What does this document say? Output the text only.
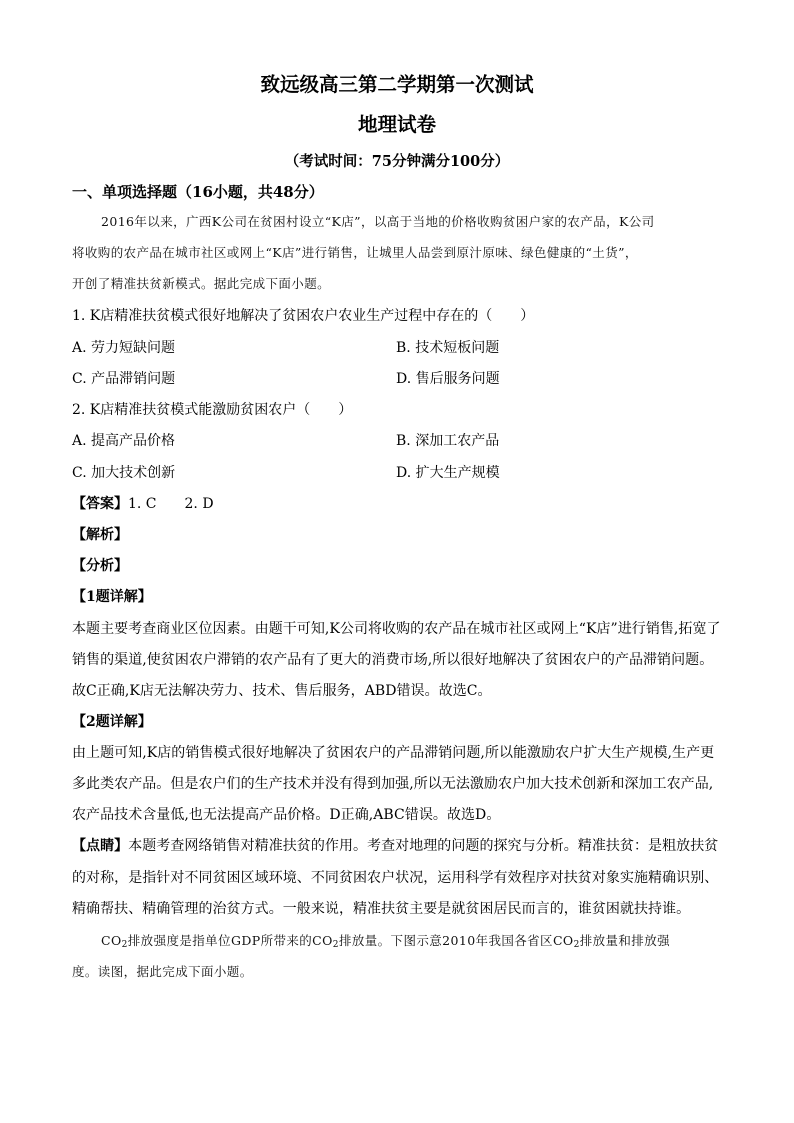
致远级高三第二学期第一次测试
地理试卷
（考试时间：75分钟满分100分）
一、单项选择题（16小题，共48分）
2016年以来，广西K公司在贫困村设立“K店”，以高于当地的价格收购贫困户家的农产品，K公司
将收购的农产品在城市社区或网上“K店”进行销售，让城里人品尝到原汁原味、绿色健康的“土货”，
开创了精准扶贫新模式。据此完成下面小题。
1. K店精准扶贫模式很好地解决了贫困农户农业生产过程中存在的（　　）
A. 劳力短缺问题	B. 技术短板问题
C. 产品滞销问题	D. 售后服务问题
2. K店精准扶贫模式能激励贫困农户（　　）
A. 提高产品价格	B. 深加工农产品
C. 加大技术创新	D. 扩大生产规模
【答案】1. C　　2. D
【解析】
【分析】
【1题详解】
本题主要考查商业区位因素。由题干可知,K公司将收购的农产品在城市社区或网上“K店”进行销售,拓宽了
销售的渠道,使贫困农户滞销的农产品有了更大的消费市场,所以很好地解决了贫困农户的产品滞销问题。
故C正确,K店无法解决劳力、技术、售后服务，ABD错误。故选C。
【2题详解】
由上题可知,K店的销售模式很好地解决了贫困农户的产品滞销问题,所以能激励农户扩大生产规模,生产更
多此类农产品。但是农户们的生产技术并没有得到加强,所以无法激励农户加大技术创新和深加工农产品,
农产品技术含量低,也无法提高产品价格。D正确,ABC错误。故选D。
【点睛】本题考查网络销售对精准扶贫的作用。考查对地理的问题的探究与分析。精准扶贫：是粗放扶贫
的对称，是指针对不同贫困区域环境、不同贫困农户状况，运用科学有效程序对扶贫对象实施精确识别、
精确帮扶、精确管理的治贫方式。一般来说，精准扶贫主要是就贫困居民而言的，谁贫困就扶持谁。
$CO_2$排放强度是指单位GDP所带来的$CO_2$排放量。下图示意2010年我国各省区$CO_2$排放量和排放强
度。读图，据此完成下面小题。
